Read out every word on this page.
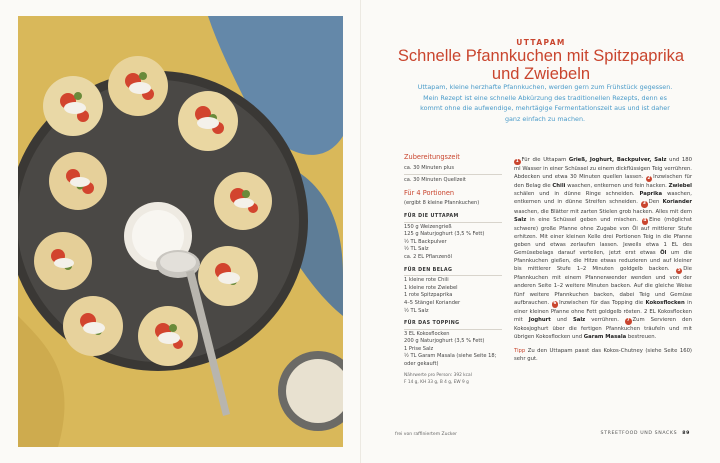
UTTAPAM
Schnelle Pfannkuchen mit Spitzpaprika
und Zwiebeln
Uttapam, kleine herzhafte Pfannkuchen, werden gern zum Frühstück gegessen. Mein Rezept ist eine schnelle Abkürzung des traditionellen Rezepts, denn es kommt ohne die aufwendige, mehrtägige Fermentationszeit aus und ist daher ganz einfach zu machen.
Zubereitungszeit
ca. 30 Minuten plus
ca. 30 Minuten Quellzeit
Für 4 Portionen
(ergibt 8 kleine Pfannkuchen)
FÜR DIE UTTAPAM
150 g Weizengrieß
125 g Naturjoghurt (3,5 % Fett)
½ TL Backpulver
½ TL Salz
ca. 2 EL Pflanzenöl
FÜR DEN BELAG
1 kleine rote Chili
1 kleine rote Zwiebel
1 rote Spitzpaprika
4–5 Stängel Koriander
½ TL Salz
FÜR DAS TOPPING
3 EL Kokosflocken
200 g Naturjoghurt (3,5 % Fett)
1 Prise Salz
½ TL Garam Masala (siehe Seite 18;
oder gekauft)
Nährwerte pro Person: 392 kcal
F 14 g, KH 33 g, B 4 g, EW 9 g
1 Für die Uttapam Grieß, Joghurt, Backpulver, Salz und 180 ml Wasser in einer Schüssel zu einem dickflüssigen Teig verrühren. Abdecken und etwa 30 Minuten quellen lassen. 2 Inzwischen für den Belag die Chili waschen, entkernen und fein hacken. Zwiebel schälen und in dünne Ringe schneiden. Paprika waschen, entkernen und in dünne Streifen schneiden. 3 Den Koriander waschen, die Blätter mit zarten Stielen grob hacken. Alles mit dem Salz in eine Schüssel geben und mischen. 4 Eine (möglichst schwere) große Pfanne ohne Zugabe von Öl auf mittlerer Stufe erhitzen. Mit einer kleinen Kelle drei Portionen Teig in die Pfanne geben und etwas zerlaufen lassen. Jeweils etwa 1 EL des Gemüsebelags darauf verteilen, jetzt erst etwas Öl um die Pfannkuchen gießen, die Hitze etwas reduzieren und auf kleiner bis mittlerer Stufe 1–2 Minuten goldgelb backen. 5 Die Pfannkuchen mit einem Pfannenwender wenden und von der anderen Seite 1–2 weitere Minuten backen. Auf die gleiche Weise fünf weitere Pfannkuchen backen, dabei Teig und Gemüse aufbrauchen. 6 Inzwischen für das Topping die Kokosflocken in einer kleinen Pfanne ohne Fett goldgelb rösten. 2 EL Kokosflocken mit Joghurt und Salz verrühren. 7 Zum Servieren den Kokosjoghurt über die fertigen Pfannkuchen träufeln und mit übrigen Kokosflocken und Garam Masala bestreuen.
Tipp Zu den Uttapam passt das Kokos-Chutney (siehe Seite 160) sehr gut.
frei von raffiniertem Zucker	STREETFOOD UND SNACKS 89
